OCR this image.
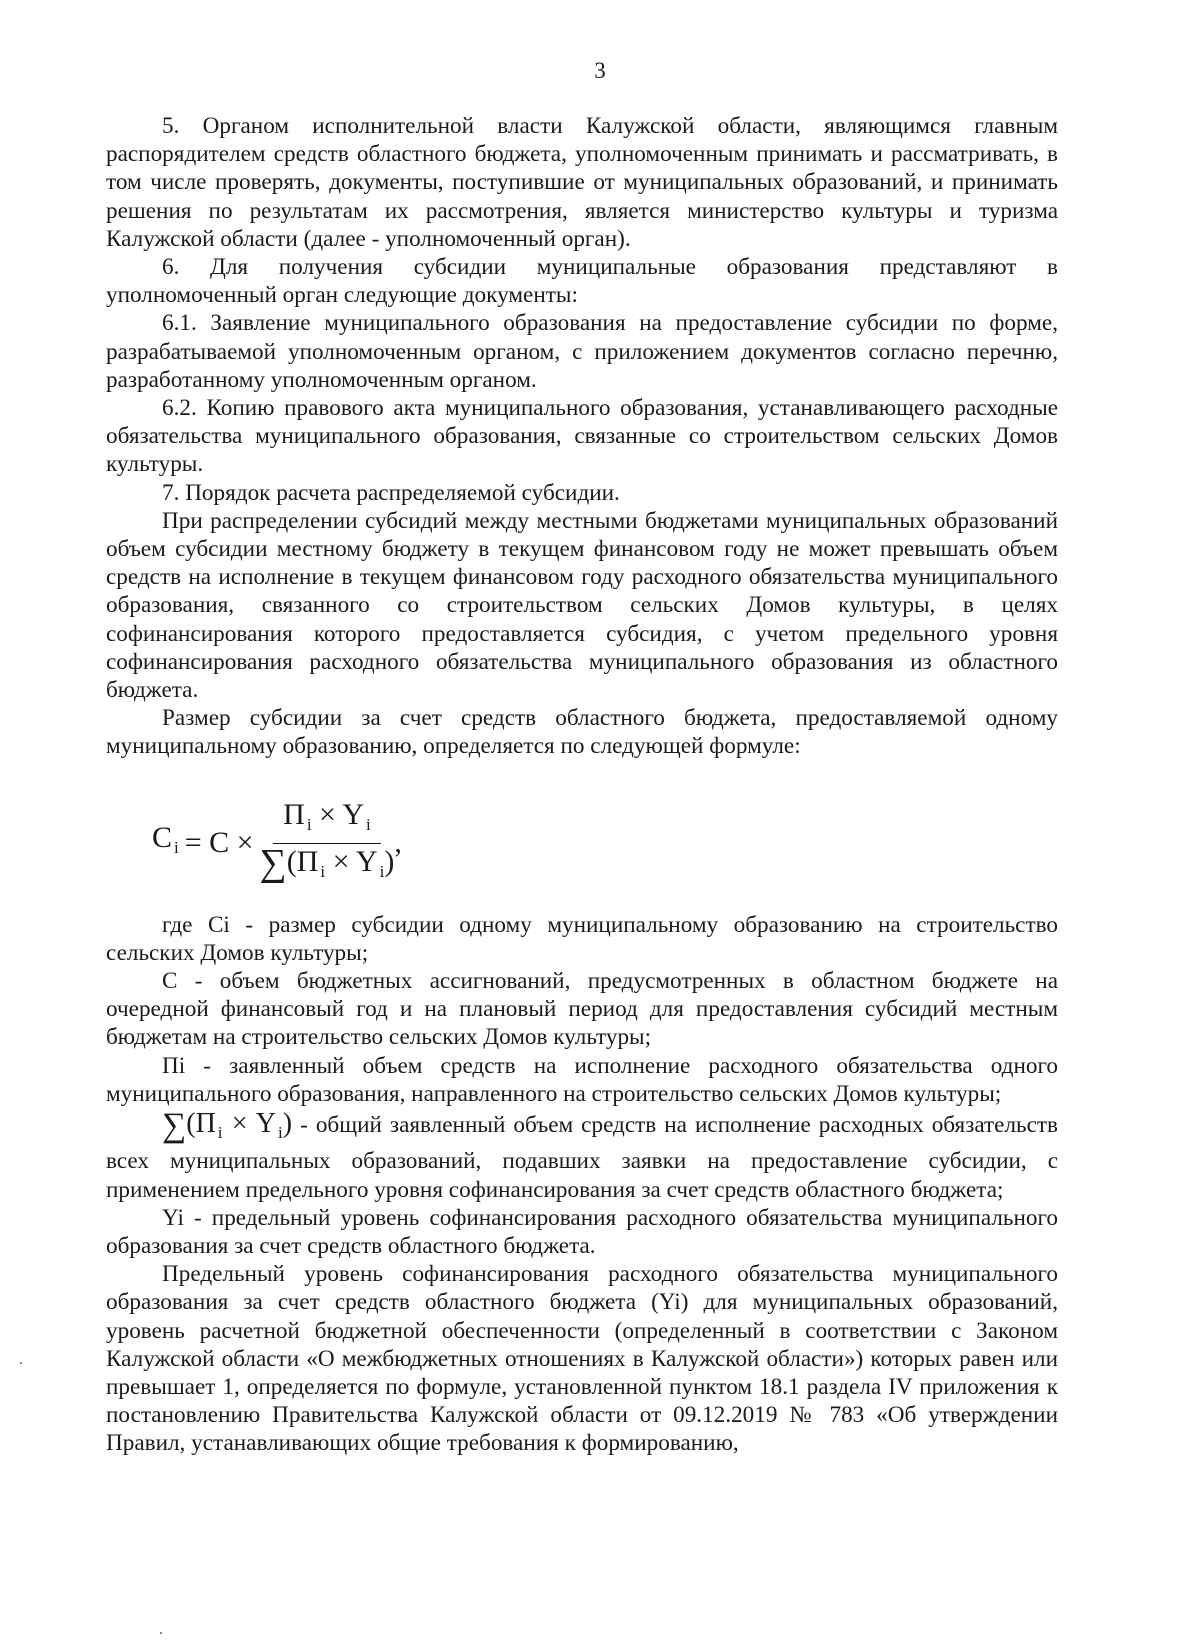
3

5. Органом исполнительной власти Калужской области, являющимся главным распорядителем средств областного бюджета, уполномоченным принимать и рассматривать, в том числе проверять, документы, поступившие от муниципальных образований, и принимать решения по результатам их рассмотрения, является министерство культуры и туризма Калужской области (далее - уполномоченный орган).

6. Для получения субсидии муниципальные образования представляют в уполномоченный орган следующие документы:

6.1. Заявление муниципального образования на предоставление субсидии по форме, разрабатываемой уполномоченным органом, с приложением документов согласно перечню, разработанному уполномоченным органом.

6.2. Копию правового акта муниципального образования, устанавливающего расходные обязательства муниципального образования, связанные со строительством сельских Домов культуры.

7. Порядок расчета распределяемой субсидии.

При распределении субсидий между местными бюджетами муниципальных образований объем субсидии местному бюджету в текущем финансовом году не может превышать объем средств на исполнение в текущем финансовом году расходного обязательства муниципального образования, связанного со строительством сельских Домов культуры, в целях софинансирования которого предоставляется субсидия, с учетом предельного уровня софинансирования расходного обязательства муниципального образования из областного бюджета.

Размер субсидии за счет средств областного бюджета, предоставляемой одному муниципальному образованию, определяется по следующей формуле:

C $_i = C \times \frac{П _i \times Y _i}{\sum(П _i \times Y _i)}$ ,

где Ci - размер субсидии одному муниципальному образованию на строительство сельских Домов культуры;

С - объем бюджетных ассигнований, предусмотренных в областном бюджете на очередной финансовый год и на плановый период для предоставления субсидий местным бюджетам на строительство сельских Домов культуры;

Пi - заявленный объем средств на исполнение расходного обязательства одного муниципального образования, направленного на строительство сельских Домов культуры;

∑(П $_i$ × Y $_i$) - общий заявленный объем средств на исполнение расходных обязательств всех муниципальных образований, подавших заявки на предоставление субсидии, с применением предельного уровня софинансирования за счет средств областного бюджета;

Yi - предельный уровень софинансирования расходного обязательства муниципального образования за счет средств областного бюджета.

Предельный уровень софинансирования расходного обязательства муниципального образования за счет средств областного бюджета (Yi) для муниципальных образований, уровень расчетной бюджетной обеспеченности (определенный в соответствии с Законом Калужской области «О межбюджетных отношениях в Калужской области») которых равен или превышает 1, определяется по формуле, установленной пунктом 18.1 раздела IV приложения к постановлению Правительства Калужской области от 09.12.2019 № 783 «Об утверждении Правил, устанавливающих общие требования к формированию,
